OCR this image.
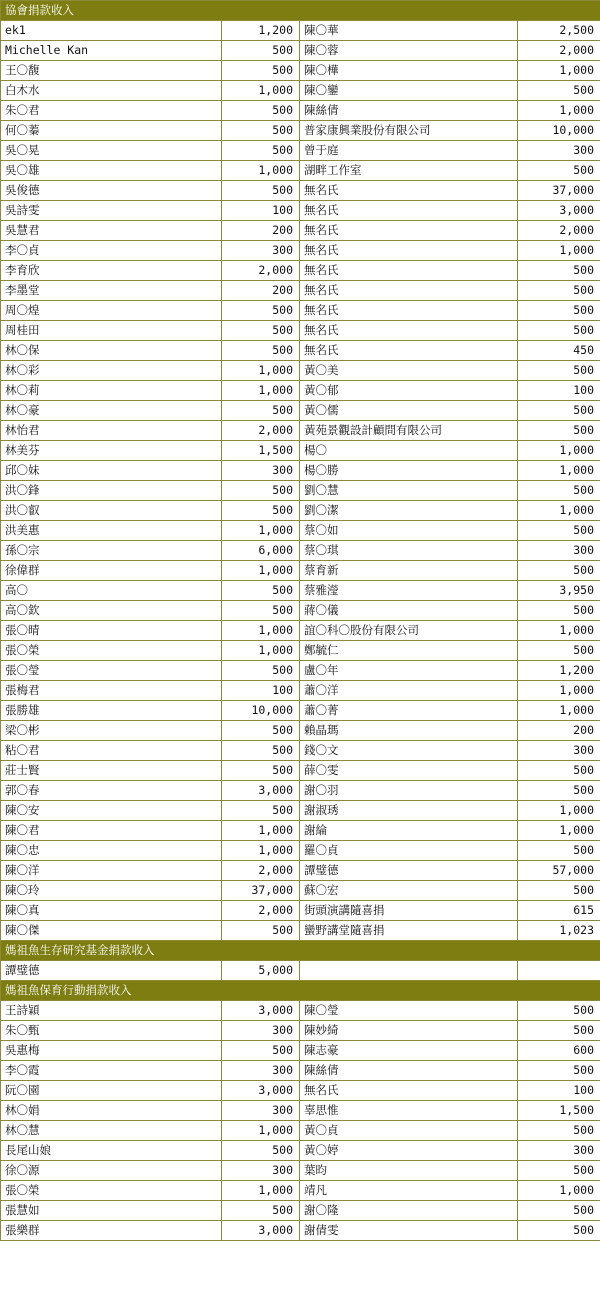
協會捐款收入			
ek1	1,200	陳〇華	2,500
Michelle Kan	500	陳〇蓉	2,000
王〇馥	500	陳〇樺	1,000
白木水	1,000	陳〇鑾	500
朱〇君	500	陳絲倩	1,000
何〇蓁	500	普家康興業股份有限公司	10,000
吳〇晃	500	曾于庭	300
吳〇雄	1,000	湖畔工作室	500
吳俊德	500	無名氏	37,000
吳詩雯	100	無名氏	3,000
吳慧君	200	無名氏	2,000
李〇貞	300	無名氏	1,000
李育欣	2,000	無名氏	500
李墨堂	200	無名氏	500
周〇煌	500	無名氏	500
周桂田	500	無名氏	500
林〇保	500	無名氏	450
林〇彩	1,000	黃〇美	500
林〇莉	1,000	黃〇郁	100
林〇豪	500	黃〇儒	500
林怡君	2,000	黃苑景觀設計顧問有限公司	500
林美芬	1,500	楊〇	1,000
邱〇妹	300	楊〇勝	1,000
洪〇鋒	500	劉〇慧	500
洪〇叡	500	劉〇潔	1,000
洪美惠	1,000	蔡〇如	500
孫〇宗	6,000	蔡〇琪	300
徐偉群	1,000	蔡育新	500
高〇	500	蔡雅瀅	3,950
高〇欽	500	蔣〇儀	500
張〇晴	1,000	誼〇科〇股份有限公司	1,000
張〇榮	1,000	鄭毓仁	500
張〇瑩	500	盧〇年	1,200
張梅君	100	蕭〇洋	1,000
張勝雄	10,000	蕭〇菁	1,000
梁〇彬	500	賴晶瑪	200
粘〇君	500	錢〇文	300
莊士賢	500	薛〇雯	500
郭〇春	3,000	謝〇羽	500
陳〇安	500	謝淑琇	1,000
陳〇君	1,000	謝綸	1,000
陳〇忠	1,000	羅〇貞	500
陳〇洋	2,000	譚璧德	57,000
陳〇玲	37,000	蘇〇宏	500
陳〇真	2,000	街頭演講隨喜捐	615
陳〇傑	500	蠻野講堂隨喜捐	1,023
媽祖魚生存研究基金捐款收入			
譚璧德	5,000		
媽祖魚保育行動捐款收入			
王詩穎	3,000	陳〇瑩	500
朱〇甄	300	陳妙綺	500
吳惠梅	500	陳志豪	600
李〇霞	300	陳絲倩	500
阮〇園	3,000	無名氏	100
林〇娟	300	辜思惟	1,500
林〇慧	1,000	黃〇貞	500
長尾山娘	500	黃〇婷	300
徐〇源	300	葉昀	500
張〇榮	1,000	靖凡	1,000
張慧如	500	謝〇隆	500
張樂群	3,000	謝倩雯	500
